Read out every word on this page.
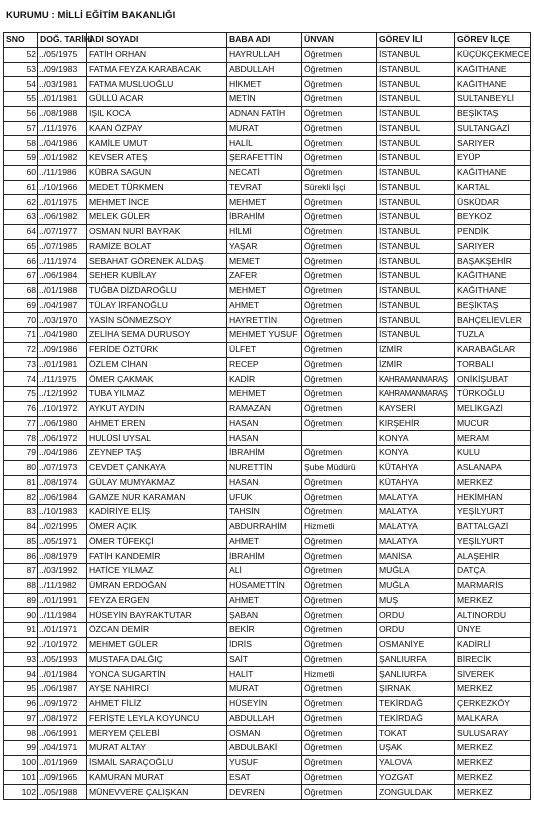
KURUMU : MİLLİ EĞİTİM BAKANLIĞI
SNO	DOĞ. TARİHİ	ADI SOYADI	BABA ADI	ÜNVAN	GÖREV İLİ	GÖREV İLÇE
52	../05/1975	FATİH ORHAN	HAYRULLAH	Öğretmen	İSTANBUL	KÜÇÜKÇEKMECE
53	../09/1983	FATMA FEYZA KARABACAK	ABDULLAH	Öğretmen	İSTANBUL	KAĞITHANE
54	../03/1981	FATMA MUSLUOĞLU	HİKMET	Öğretmen	İSTANBUL	KAĞITHANE
55	../01/1981	GÜLLÜ ACAR	METİN	Öğretmen	İSTANBUL	SULTANBEYLİ
56	../08/1988	IŞIL KOCA	ADNAN FATİH	Öğretmen	İSTANBUL	BEŞİKTAŞ
57	../11/1976	KAAN ÖZPAY	MURAT	Öğretmen	İSTANBUL	SULTANGAZİ
58	../04/1986	KAMİLE UMUT	HALİL	Öğretmen	İSTANBUL	SARIYER
59	../01/1982	KEVSER ATEŞ	ŞERAFETTİN	Öğretmen	İSTANBUL	EYÜP
60	../11/1986	KÜBRA SAGUN	NECATİ	Öğretmen	İSTANBUL	KAĞITHANE
61	../10/1966	MEDET TÜRKMEN	TEVRAT	Sürekli İşçi	İSTANBUL	KARTAL
62	../01/1975	MEHMET İNCE	MEHMET	Öğretmen	İSTANBUL	ÜSKÜDAR
63	../06/1982	MELEK GÜLER	İBRAHİM	Öğretmen	İSTANBUL	BEYKOZ
64	../07/1977	OSMAN NURİ BAYRAK	HİLMİ	Öğretmen	İSTANBUL	PENDİK
65	../07/1985	RAMİZE BOLAT	YAŞAR	Öğretmen	İSTANBUL	SARIYER
66	../11/1974	SEBAHAT GÖRENEK ALDAŞ	MEMET	Öğretmen	İSTANBUL	BAŞAKŞEHİR
67	../06/1984	SEHER KUBİLAY	ZAFER	Öğretmen	İSTANBUL	KAĞITHANE
68	../01/1988	TUĞBA DİZDAROĞLU	MEHMET	Öğretmen	İSTANBUL	KAĞITHANE
69	../04/1987	TÜLAY İRFANOĞLU	AHMET	Öğretmen	İSTANBUL	BEŞİKTAŞ
70	../03/1970	YASİN SÖNMEZSOY	HAYRETTİN	Öğretmen	İSTANBUL	BAHÇELİEVLER
71	../04/1980	ZELİHA SEMA DURUSOY	MEHMET YUSUF	Öğretmen	İSTANBUL	TUZLA
72	../09/1986	FERİDE ÖZTÜRK	ÜLFET	Öğretmen	İZMİR	KARABAĞLAR
73	../01/1981	ÖZLEM CİHAN	RECEP	Öğretmen	İZMİR	TORBALI
74	../11/1975	ÖMER ÇAKMAK	KADİR	Öğretmen	KAHRAMANMARAŞ	ONİKİŞUBAT
75	../12/1992	TUBA YILMAZ	MEHMET	Öğretmen	KAHRAMANMARAŞ	TÜRKOĞLU
76	../10/1972	AYKUT AYDIN	RAMAZAN	Öğretmen	KAYSERİ	MELİKGAZİ
77	../06/1980	AHMET EREN	HASAN	Öğretmen	KIRŞEHİR	MUCUR
78	../06/1972	HULÜSİ UYSAL	HASAN		KONYA	MERAM
79	../04/1986	ZEYNEP TAŞ	İBRAHİM	Öğretmen	KONYA	KULU
80	../07/1973	CEVDET ÇANKAYA	NURETTİN	Şube Müdürü	KÜTAHYA	ASLANAPA
81	../08/1974	GÜLAY MUMYAKMAZ	HASAN	Öğretmen	KÜTAHYA	MERKEZ
82	../06/1984	GAMZE NUR KARAMAN	UFUK	Öğretmen	MALATYA	HEKİMHAN
83	../10/1983	KADİRİYE ELİŞ	TAHSİN	Öğretmen	MALATYA	YEŞİLYURT
84	../02/1995	ÖMER AÇIK	ABDURRAHİM	Hizmetli	MALATYA	BATTALGAZİ
85	../05/1971	ÖMER TÜFEKÇİ	AHMET	Öğretmen	MALATYA	YEŞİLYURT
86	../08/1979	FATİH KANDEMİR	İBRAHİM	Öğretmen	MANİSA	ALAŞEHİR
87	../03/1992	HATİCE YILMAZ	ALİ	Öğretmen	MUĞLA	DATÇA
88	../11/1982	ÜMRAN ERDOĞAN	HÜSAMETTİN	Öğretmen	MUĞLA	MARMARİS
89	../01/1991	FEYZA ERGEN	AHMET	Öğretmen	MUŞ	MERKEZ
90	../11/1984	HÜSEYİN BAYRAKTUTAR	ŞABAN	Öğretmen	ORDU	ALTINORDU
91	../01/1971	ÖZCAN DEMİR	BEKİR	Öğretmen	ORDU	ÜNYE
92	../10/1972	MEHMET GÜLER	İDRİS	Öğretmen	OSMANİYE	KADİRLİ
93	../05/1993	MUSTAFA DALĞIÇ	SAİT	Öğretmen	ŞANLIURFA	BİRECİK
94	../01/1984	YONCA SUGARTİN	HALİT	Hizmetli	ŞANLIURFA	SİVEREK
95	../06/1987	AYŞE NAHIRCI	MURAT	Öğretmen	ŞIRNAK	MERKEZ
96	../09/1972	AHMET FİLİZ	HÜSEYİN	Öğretmen	TEKİRDAĞ	ÇERKEZKÖY
97	../08/1972	FERİŞTE LEYLA KOYUNCU	ABDULLAH	Öğretmen	TEKİRDAĞ	MALKARA
98	../06/1991	MERYEM ÇELEBİ	OSMAN	Öğretmen	TOKAT	SULUSARAY
99	../04/1971	MURAT ALTAY	ABDULBAKİ	Öğretmen	UŞAK	MERKEZ
100	../01/1969	İSMAİL SARAÇOĞLU	YUSUF	Öğretmen	YALOVA	MERKEZ
101	../09/1965	KAMURAN MURAT	ESAT	Öğretmen	YOZGAT	MERKEZ
102	../05/1988	MÜNEVVERE ÇALIŞKAN	DEVREN	Öğretmen	ZONGULDAK	MERKEZ
